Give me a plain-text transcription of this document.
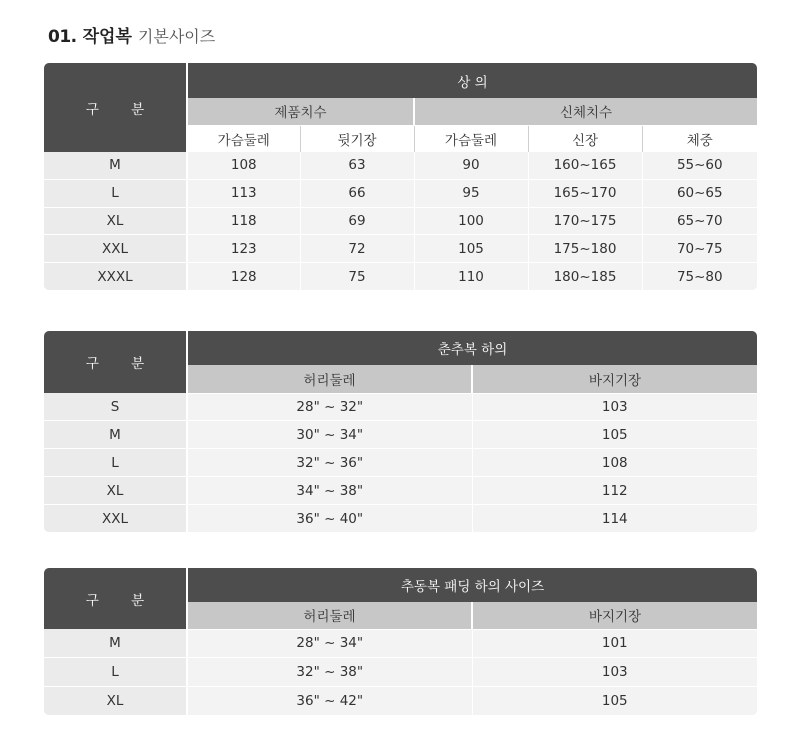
01. 작업복 기본사이즈
구 분	상 의				
	제품치수		신체치수		
	가슴둘레	뒷기장	가슴둘레	신장	체중
M	108	63	90	160~165	55~60
L	113	66	95	165~170	60~65
XL	118	69	100	170~175	65~70
XXL	123	72	105	175~180	70~75
XXXL	128	75	110	180~185	75~80
구 분	춘추복 하의	
	허리둘레	바지기장
S	28" ~ 32"	103
M	30" ~ 34"	105
L	32" ~ 36"	108
XL	34" ~ 38"	112
XXL	36" ~ 40"	114
구 분	추동복 패딩 하의 사이즈	
	허리둘레	바지기장
M	28" ~ 34"	101
L	32" ~ 38"	103
XL	36" ~ 42"	105
